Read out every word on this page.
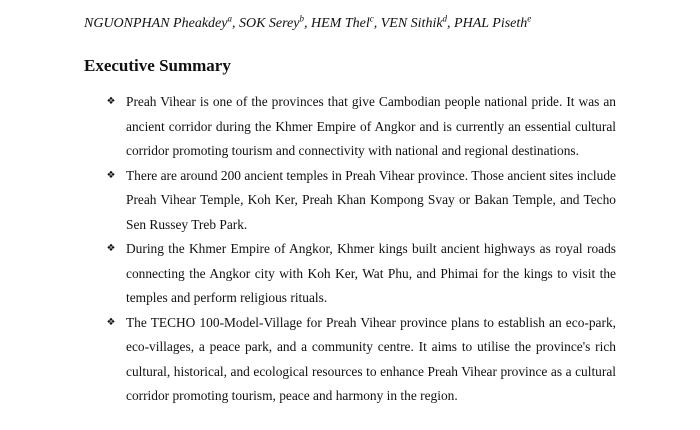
NGUONPHAN Pheakdey$^a$, SOK Serey$^b$, HEM Thel$^c$, VEN Sithik$^d$, PHAL Piseth$^e$
Executive Summary
❖ Preah Vihear is one of the provinces that give Cambodian people national pride. It was an ancient corridor during the Khmer Empire of Angkor and is currently an essential cultural corridor promoting tourism and connectivity with national and regional destinations.
❖ There are around 200 ancient temples in Preah Vihear province. Those ancient sites include Preah Vihear Temple, Koh Ker, Preah Khan Kompong Svay or Bakan Temple, and Techo Sen Russey Treb Park.
❖ During the Khmer Empire of Angkor, Khmer kings built ancient highways as royal roads connecting the Angkor city with Koh Ker, Wat Phu, and Phimai for the kings to visit the temples and perform religious rituals.
❖ The TECHO 100-Model-Village for Preah Vihear province plans to establish an eco-park, eco-villages, a peace park, and a community centre. It aims to utilise the province's rich cultural, historical, and ecological resources to enhance Preah Vihear province as a cultural corridor promoting tourism, peace and harmony in the region.
